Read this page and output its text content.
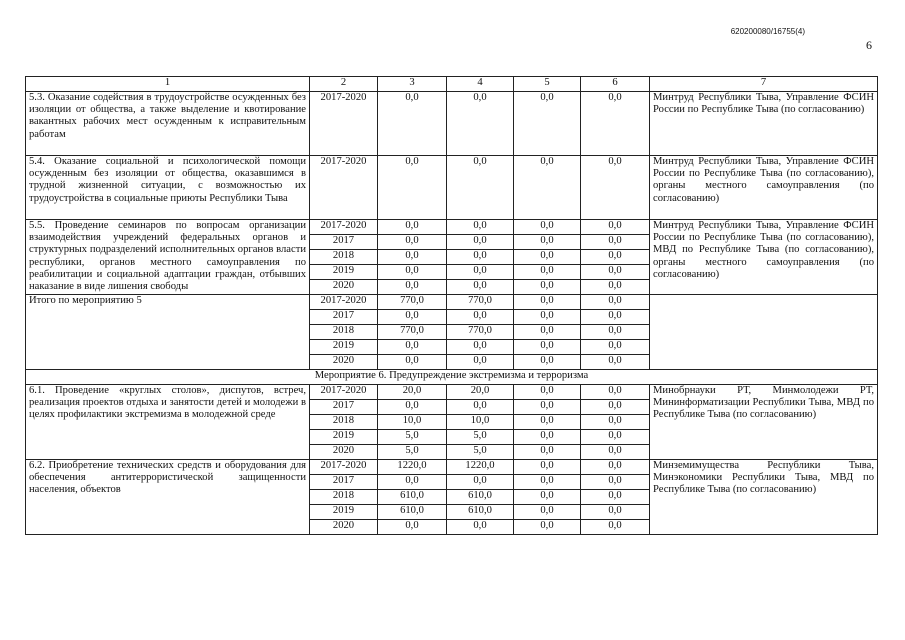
620200080/16755(4)
6
1	2	3	4	5	6	7
5.3. Оказание содействия в трудоустройстве осужденных без изоляции от общества, а также выделение и квотирование вакантных рабочих мест осужденным к исправительным работам	2017-2020	0,0	0,0	0,0	0,0	Минтруд Республики Тыва, Управление ФСИН России по Республике Тыва (по согласованию)
5.4. Оказание социальной и психологической помощи осужденным без изоляции от общества, оказавшимся в трудной жизненной ситуации, с возможностью их трудоустройства в социальные приюты Республики Тыва	2017-2020	0,0	0,0	0,0	0,0	Минтруд Республики Тыва, Управление ФСИН России по Республике Тыва (по согласованию), органы местного самоуправления (по согласованию)
5.5. Проведение семинаров по вопросам организации взаимодействия учреждений федеральных органов и структурных подразделений исполнительных органов власти республики, органов местного самоуправления по реабилитации и социальной адаптации граждан, отбывших наказание в виде лишения свободы	2017-2020	0,0	0,0	0,0	0,0	Минтруд Республики Тыва, Управление ФСИН России по Республике Тыва (по согласованию), МВД по Республике Тыва (по согласованию), органы местного самоуправления (по согласованию)
	2017	0,0	0,0	0,0	0,0	
	2018	0,0	0,0	0,0	0,0	
	2019	0,0	0,0	0,0	0,0	
	2020	0,0	0,0	0,0	0,0	
Итого по мероприятию 5	2017-2020	770,0	770,0	0,0	0,0	
	2017	0,0	0,0	0,0	0,0	
	2018	770,0	770,0	0,0	0,0	
	2019	0,0	0,0	0,0	0,0	
	2020	0,0	0,0	0,0	0,0	
Мероприятие 6. Предупреждение экстремизма и терроризма						
6.1. Проведение «круглых столов», диспутов, встреч, реализация проектов отдыха и занятости детей и молодежи в целях профилактики экстремизма в молодежной среде	2017-2020	20,0	20,0	0,0	0,0	Минобрнауки РТ, Минмолодежи РТ, Мининформатизации Республики Тыва, МВД по Республике Тыва (по согласованию)
	2017	0,0	0,0	0,0	0,0	
	2018	10,0	10,0	0,0	0,0	
	2019	5,0	5,0	0,0	0,0	
	2020	5,0	5,0	0,0	0,0	
6.2. Приобретение технических средств и оборудования для обеспечения антитеррористической защищенности населения, объектов	2017-2020	1220,0	1220,0	0,0	0,0	Минземимущества Республики Тыва, Минэкономики Республики Тыва, МВД по Республике Тыва (по согласованию)
	2017	0,0	0,0	0,0	0,0	
	2018	610,0	610,0	0,0	0,0	
	2019	610,0	610,0	0,0	0,0	
	2020	0,0	0,0	0,0	0,0	
